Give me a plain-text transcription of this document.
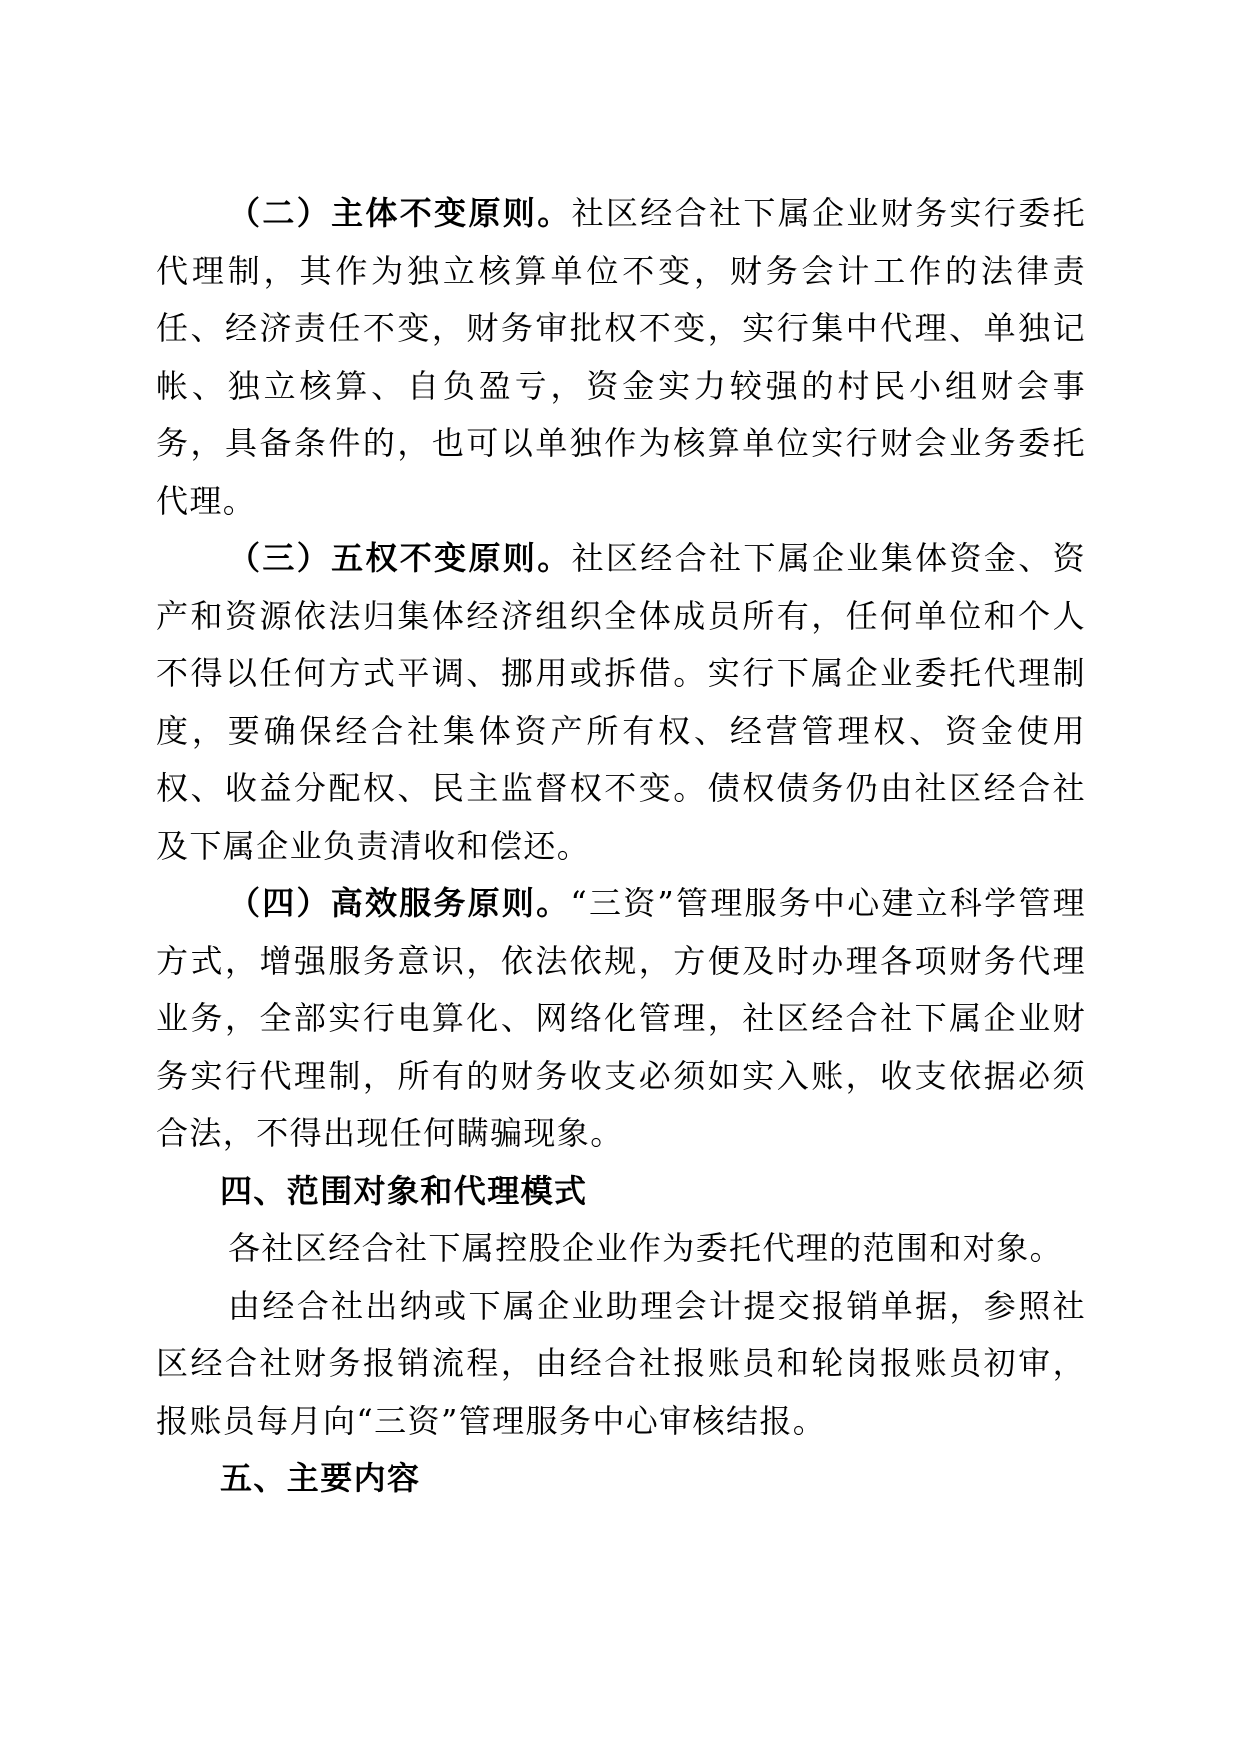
（二）主体不变原则。社区经合社下属企业财务实行委托代理制，其作为独立核算单位不变，财务会计工作的法律责任、经济责任不变，财务审批权不变，实行集中代理、单独记帐、独立核算、自负盈亏，资金实力较强的村民小组财会事务，具备条件的，也可以单独作为核算单位实行财会业务委托代理。

（三）五权不变原则。社区经合社下属企业集体资金、资产和资源依法归集体经济组织全体成员所有，任何单位和个人不得以任何方式平调、挪用或拆借。实行下属企业委托代理制度，要确保经合社集体资产所有权、经营管理权、资金使用权、收益分配权、民主监督权不变。债权债务仍由社区经合社及下属企业负责清收和偿还。

（四）高效服务原则。“三资”管理服务中心建立科学管理方式，增强服务意识，依法依规，方便及时办理各项财务代理业务，全部实行电算化、网络化管理，社区经合社下属企业财务实行代理制，所有的财务收支必须如实入账，收支依据必须合法，不得出现任何瞒骗现象。

四、范围对象和代理模式

各社区经合社下属控股企业作为委托代理的范围和对象。

由经合社出纳或下属企业助理会计提交报销单据，参照社区经合社财务报销流程，由经合社报账员和轮岗报账员初审，报账员每月向“三资”管理服务中心审核结报。

五、主要内容
